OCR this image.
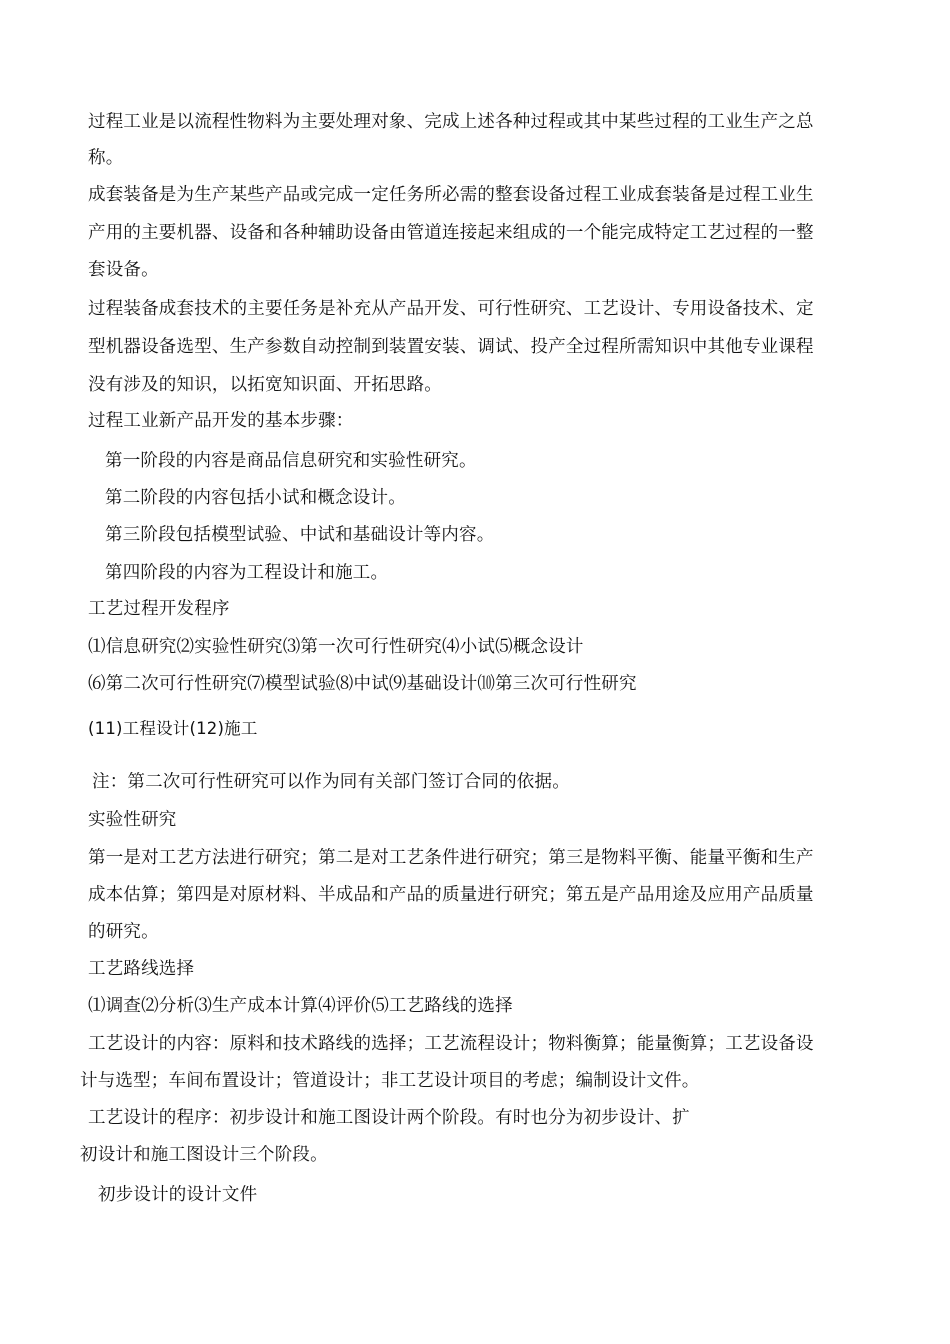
过程工业是以流程性物料为主要处理对象、完成上述各种过程或其中某些过程的工业生产之总
称。
成套装备是为生产某些产品或完成一定任务所必需的整套设备过程工业成套装备是过程工业生
产用的主要机器、设备和各种辅助设备由管道连接起来组成的一个能完成特定工艺过程的一整
套设备。
过程装备成套技术的主要任务是补充从产品开发、可行性研究、工艺设计、专用设备技术、定
型机器设备选型、生产参数自动控制到装置安装、调试、投产全过程所需知识中其他专业课程
没有涉及的知识，以拓宽知识面、开拓思路。
过程工业新产品开发的基本步骤：
第一阶段的内容是商品信息研究和实验性研究。
第二阶段的内容包括小试和概念设计。
第三阶段包括模型试验、中试和基础设计等内容。
第四阶段的内容为工程设计和施工。
工艺过程开发程序
⑴信息研究⑵实验性研究⑶第一次可行性研究⑷小试⑸概念设计
⑹第二次可行性研究⑺模型试验⑻中试⑼基础设计⑽第三次可行性研究
(11)工程设计(12)施工
注：第二次可行性研究可以作为同有关部门签订合同的依据。
实验性研究
第一是对工艺方法进行研究；第二是对工艺条件进行研究；第三是物料平衡、能量平衡和生产
成本估算；第四是对原材料、半成品和产品的质量进行研究；第五是产品用途及应用产品质量
的研究。
工艺路线选择
⑴调查⑵分析⑶生产成本计算⑷评价⑸工艺路线的选择
工艺设计的内容：原料和技术路线的选择；工艺流程设计；物料衡算；能量衡算；工艺设备设
计与选型；车间布置设计；管道设计；非工艺设计项目的考虑；编制设计文件。
工艺设计的程序：初步设计和施工图设计两个阶段。有时也分为初步设计、扩
初设计和施工图设计三个阶段。
初步设计的设计文件
